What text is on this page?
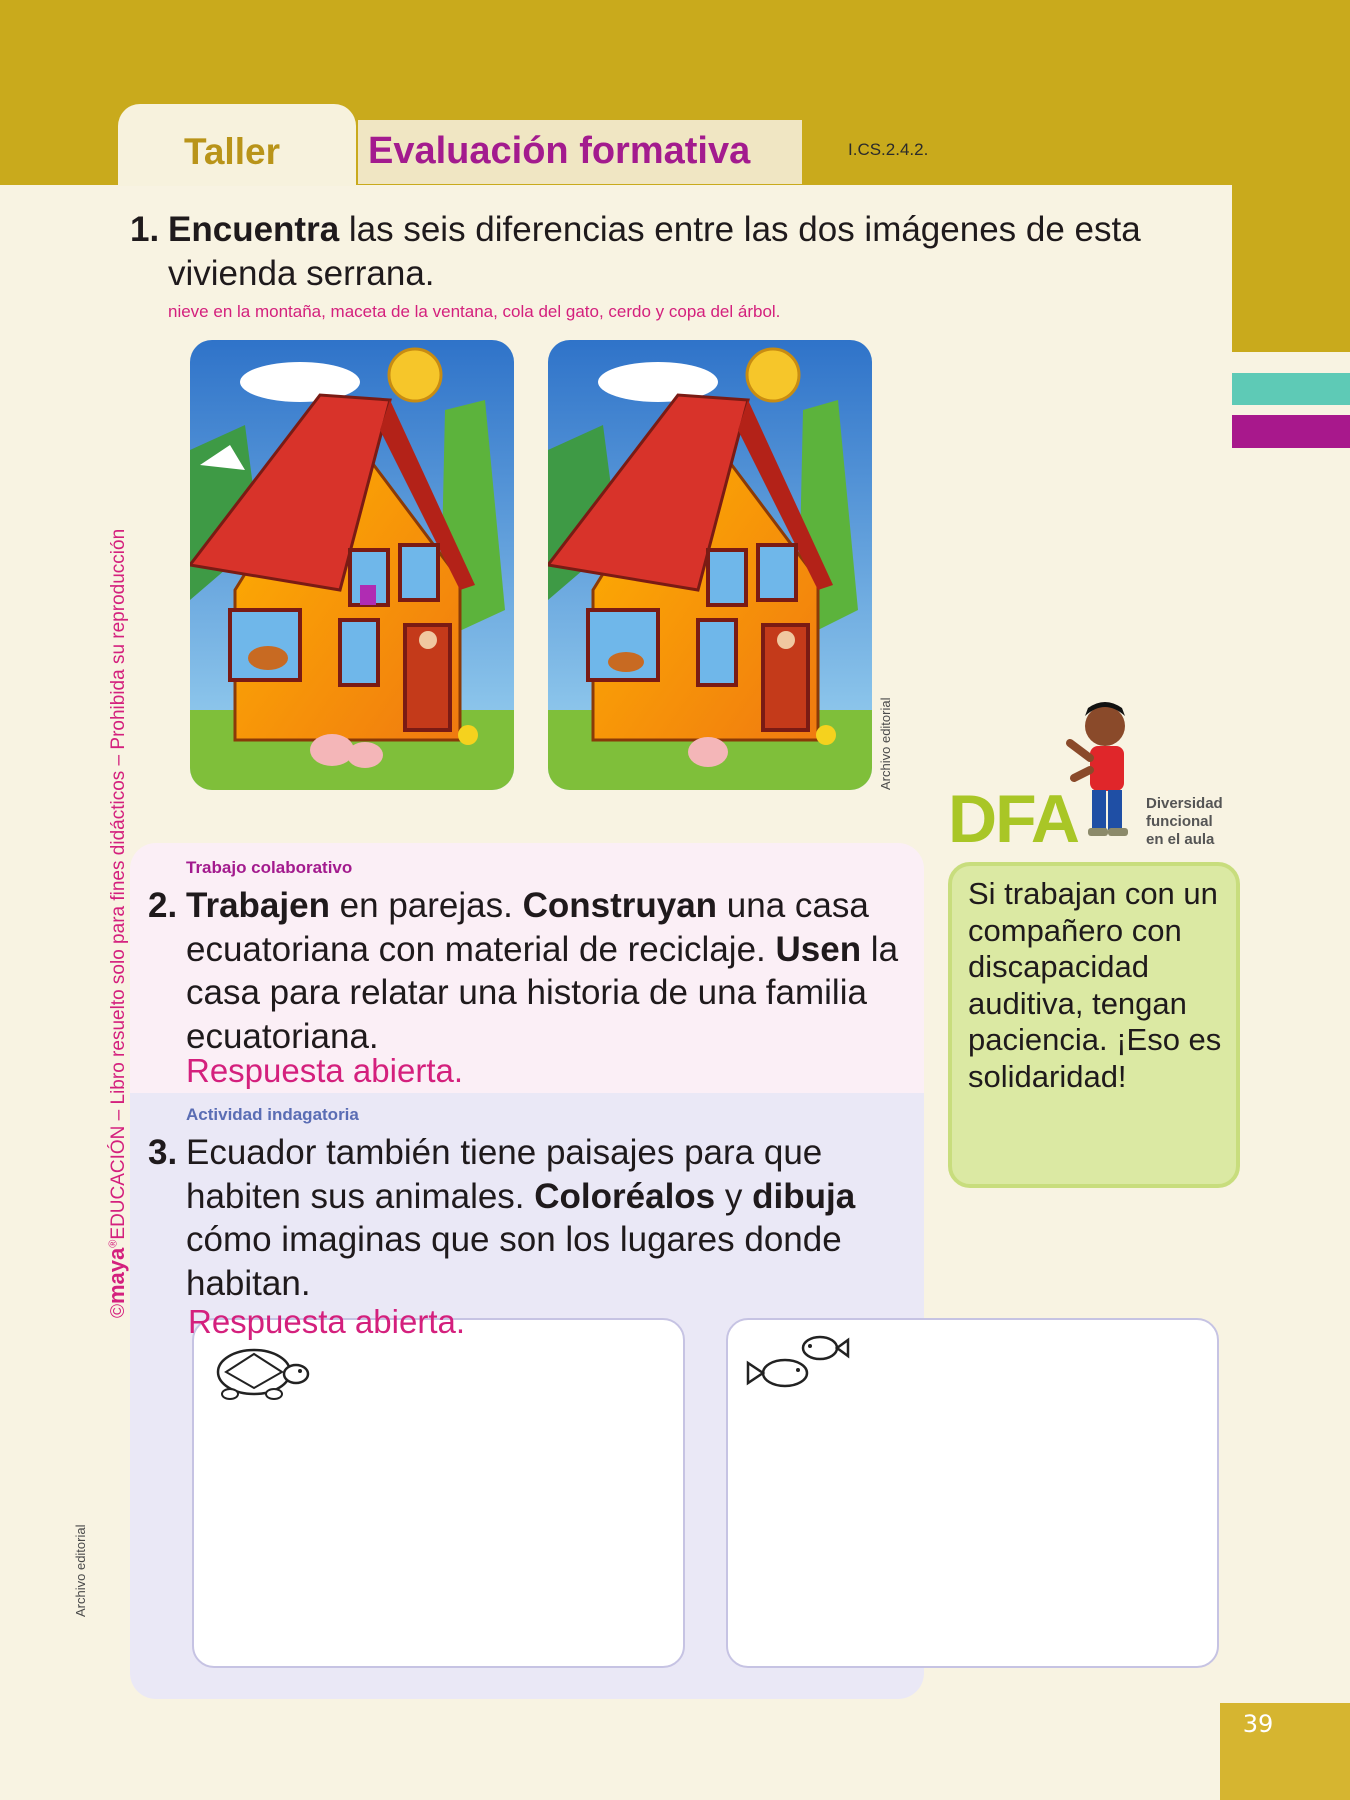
Taller Evaluación formativa	I.CS.2.4.2.
©maya®EDUCACIÓN – Libro resuelto solo para fines didácticos – Prohibida su reproducción
Archivo editorial
1. Encuentra las seis diferencias entre las dos imágenes de esta vivienda serrana.
nieve en la montaña, maceta de la ventana, cola del gato, cerdo y copa del árbol.
Archivo editorial
Trabajo colaborativo
2. Trabajen en parejas. Construyan una casa ecuatoriana con material de reciclaje. Usen la casa para relatar una historia de una familia ecuatoriana.
Respuesta abierta.
Actividad indagatoria
3. Ecuador también tiene paisajes para que habiten sus animales. Coloréalos y dibuja cómo imaginas que son los lugares donde habitan.
Respuesta abierta.
DFA	Diversidad
funcional
en el aula
Si trabajan con un compañero con discapacidad auditiva, tengan paciencia. ¡Eso es solidaridad!
39
